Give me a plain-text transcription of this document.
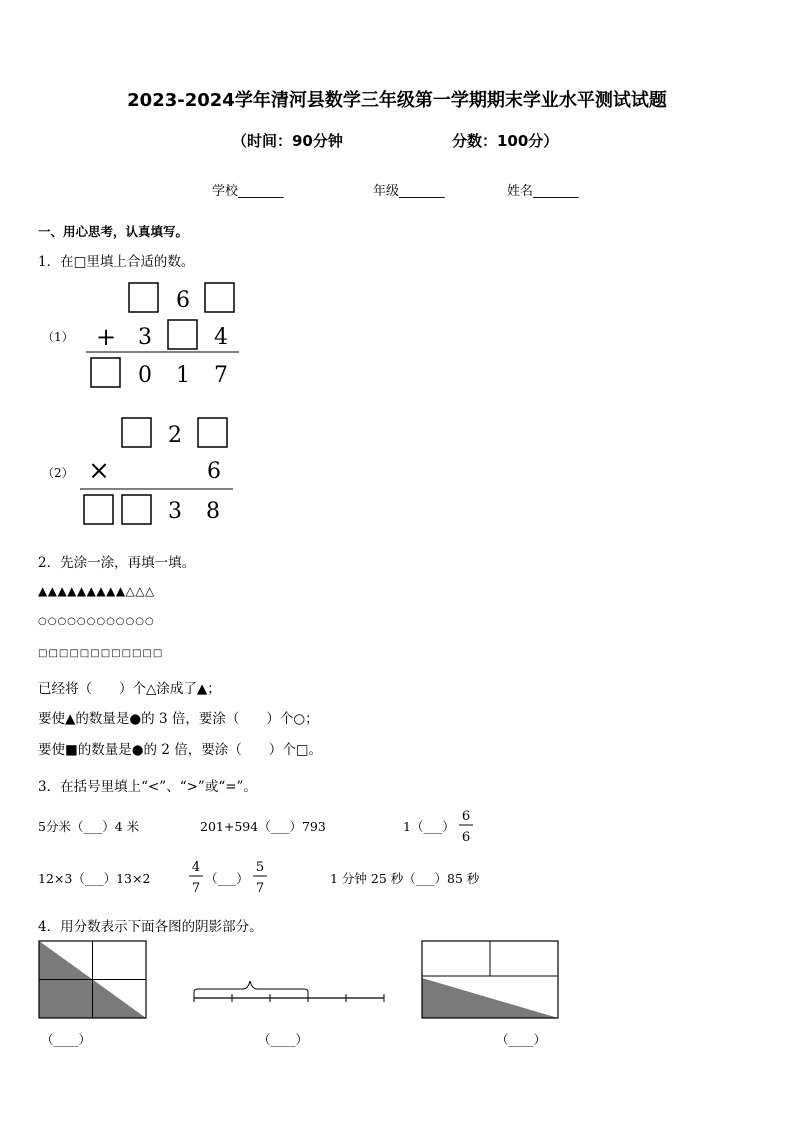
2023-2024学年清河县数学三年级第一学期期末学业水平测试试题
（时间：90分钟	分数：100分）
学校_______	年级_______	姓名_______
一、用心思考，认真填写。
1．在□里填上合适的数。
（1）
6
+ 3	4
0 1 7
（2）
2
×	6
3 8
2．先涂一涂，再填一填。
▲▲▲▲▲▲▲▲▲△△△
○○○○○○○○○○○○
□□□□□□□□□□□□
已经将（　　）个△涂成了▲；
要使▲的数量是●的 3 倍，要涂（　　）个○；
要使■的数量是●的 2 倍，要涂（　　）个□。
3．在括号里填上“<”、“>”或“=”。
5分米（___）4 米	201+594（___）793	1（___）
6
6
12×3（___）13×2
4
7
（___）
5
7
1 分钟 25 秒（___）85 秒
4．用分数表示下面各图的阴影部分。
（____）	（____）	（____）
